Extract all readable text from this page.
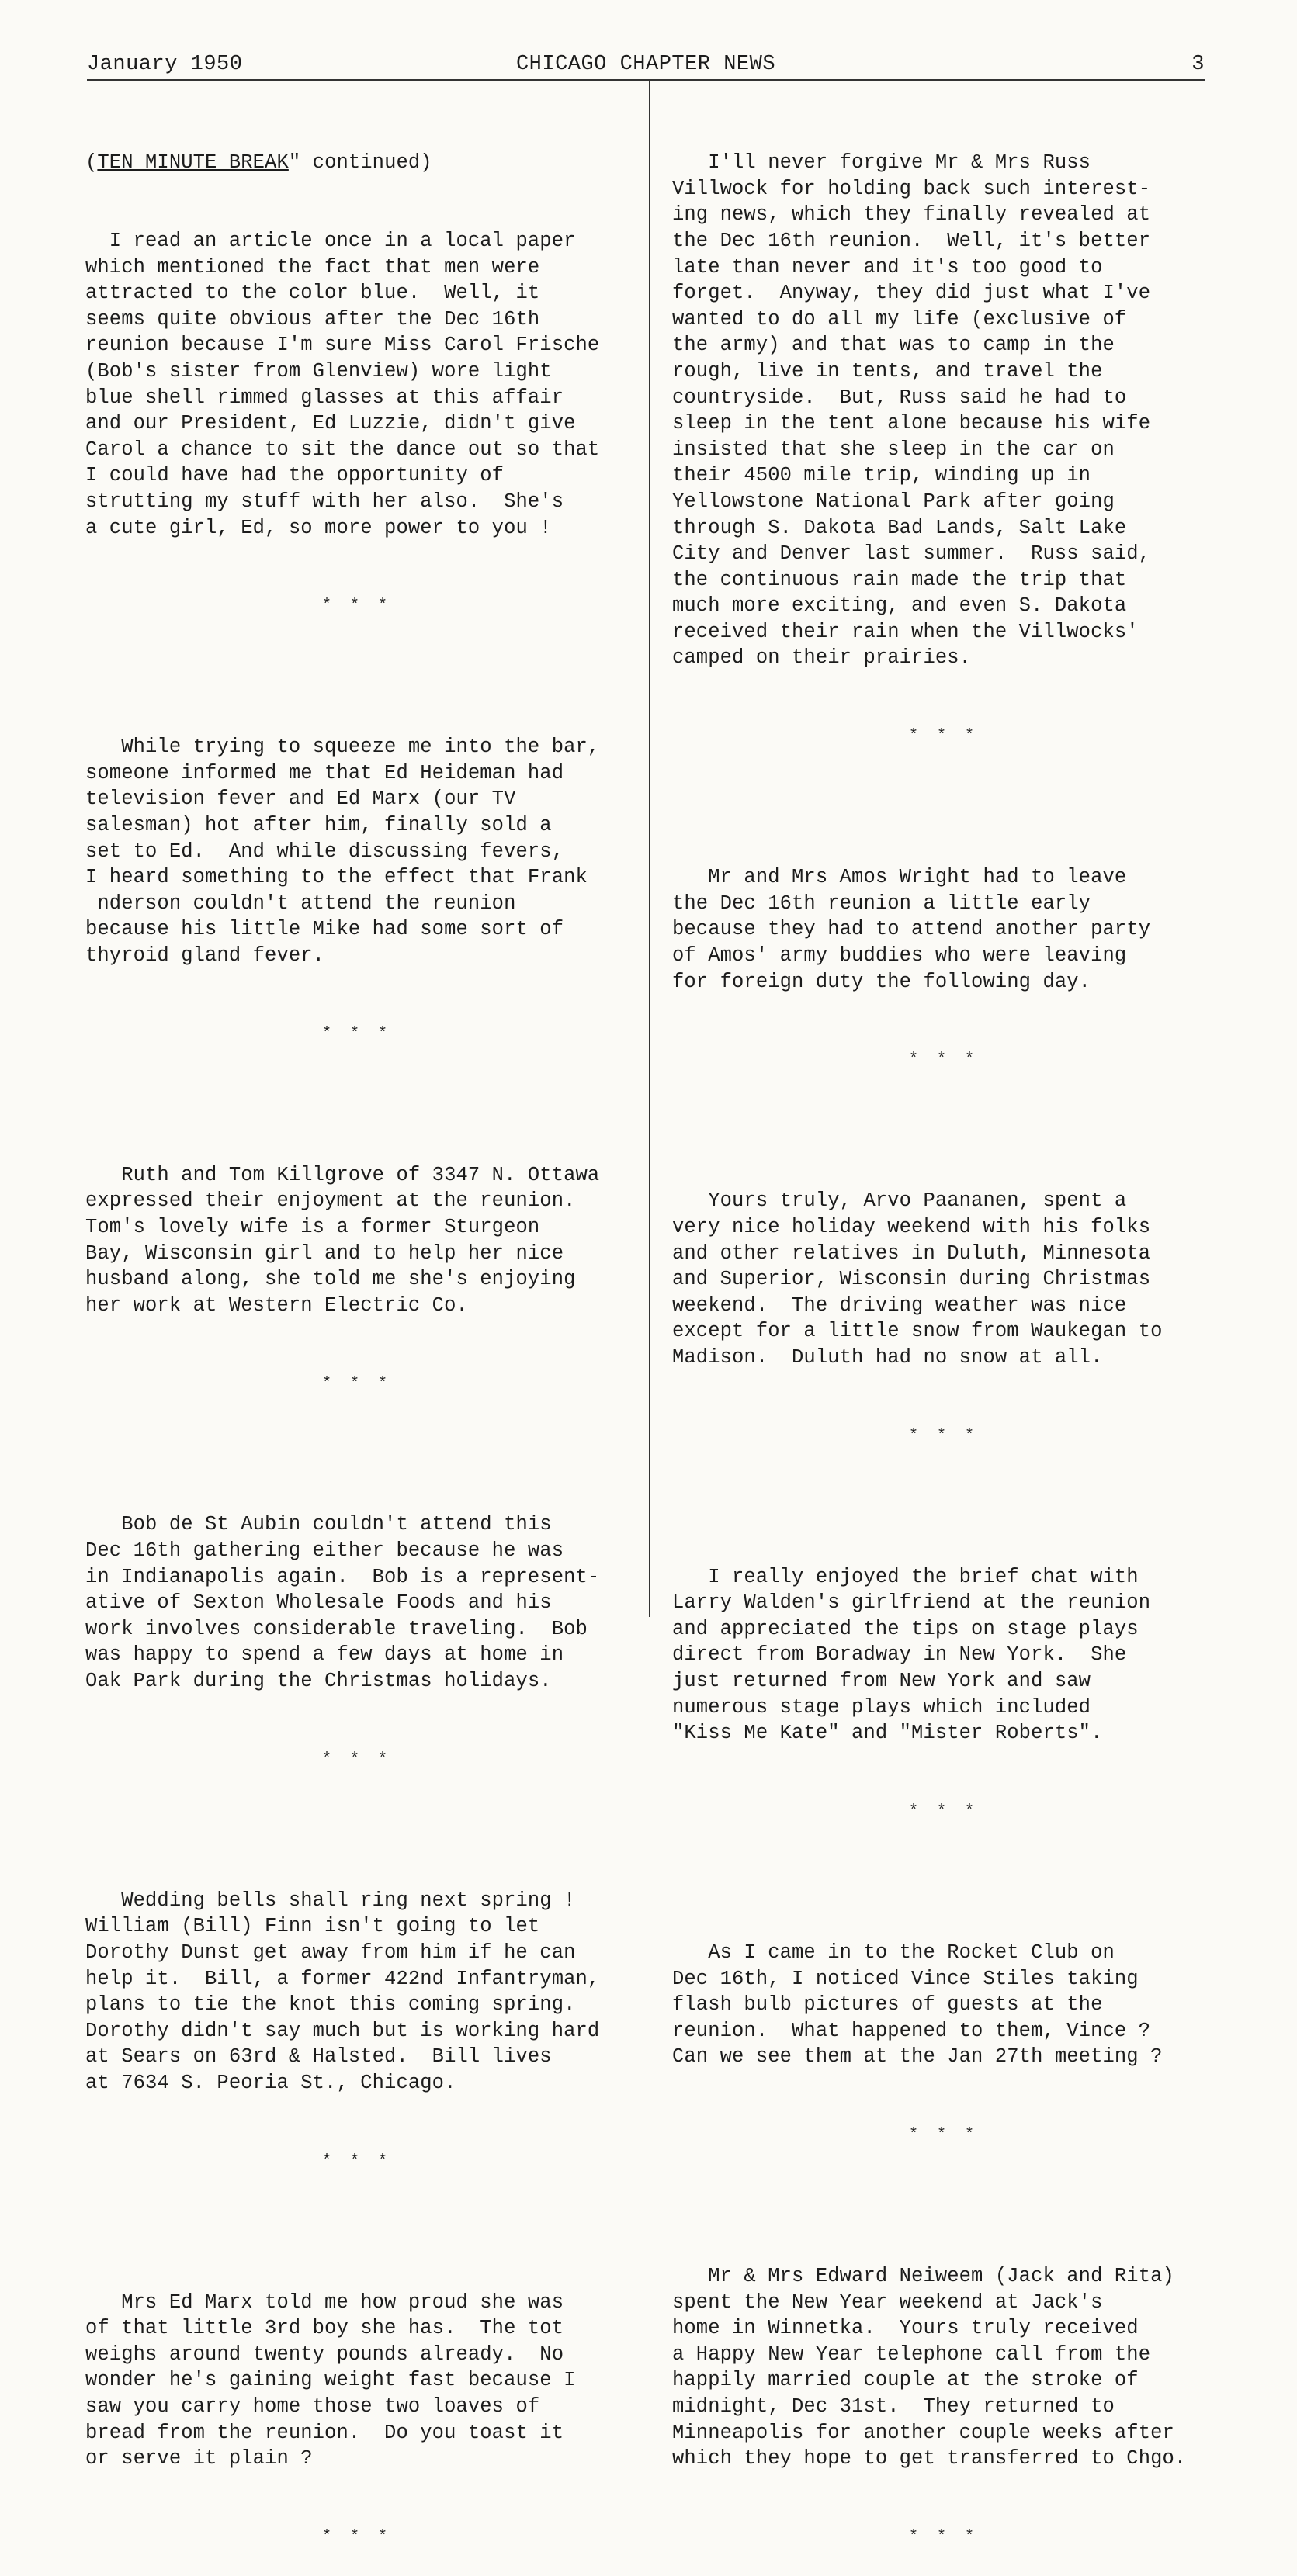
January 1950	CHICAGO CHAPTER NEWS	3

(TEN MINUTE BREAK" continued)

I read an article once in a local paper
which mentioned the fact that men were
attracted to the color blue.  Well, it
seems quite obvious after the Dec 16th
reunion because I'm sure Miss Carol Frische
(Bob's sister from Glenview) wore light
blue shell rimmed glasses at this affair
and our President, Ed Luzzie, didn't give
Carol a chance to sit the dance out so that
I could have had the opportunity of
strutting my stuff with her also.  She's
a cute girl, Ed, so more power to you !

* * *

While trying to squeeze me into the bar,
someone informed me that Ed Heideman had
television fever and Ed Marx (our TV
salesman) hot after him, finally sold a
set to Ed.  And while discussing fevers,
I heard something to the effect that Frank
nderson couldn't attend the reunion
because his little Mike had some sort of
thyroid gland fever.

* * *

Ruth and Tom Killgrove of 3347 N. Ottawa
expressed their enjoyment at the reunion.
Tom's lovely wife is a former Sturgeon
Bay, Wisconsin girl and to help her nice
husband along, she told me she's enjoying
her work at Western Electric Co.

* * *

Bob de St Aubin couldn't attend this
Dec 16th gathering either because he was
in Indianapolis again.  Bob is a represent-
ative of Sexton Wholesale Foods and his
work involves considerable traveling.  Bob
was happy to spend a few days at home in
Oak Park during the Christmas holidays.

* * *

Wedding bells shall ring next spring !
William (Bill) Finn isn't going to let
Dorothy Dunst get away from him if he can
help it.  Bill, a former 422nd Infantryman,
plans to tie the knot this coming spring.
Dorothy didn't say much but is working hard
at Sears on 63rd & Halsted.  Bill lives
at 7634 S. Peoria St., Chicago.

* * *

Mrs Ed Marx told me how proud she was
of that little 3rd boy she has.  The tot
weighs around twenty pounds already.  No
wonder he's gaining weight fast because I
saw you carry home those two loaves of
bread from the reunion.  Do you toast it
or serve it plain ?

* * *

I'll never forgive Mr & Mrs Russ
Villwock for holding back such interest-
ing news, which they finally revealed at
the Dec 16th reunion.  Well, it's better
late than never and it's too good to
forget.  Anyway, they did just what I've
wanted to do all my life (exclusive of
the army) and that was to camp in the
rough, live in tents, and travel the
countryside.  But, Russ said he had to
sleep in the tent alone because his wife
insisted that she sleep in the car on
their 4500 mile trip, winding up in
Yellowstone National Park after going
through S. Dakota Bad Lands, Salt Lake
City and Denver last summer.  Russ said,
the continuous rain made the trip that
much more exciting, and even S. Dakota
received their rain when the Villwocks'
camped on their prairies.

* * *

Mr and Mrs Amos Wright had to leave
the Dec 16th reunion a little early
because they had to attend another party
of Amos' army buddies who were leaving
for foreign duty the following day.

* * *

Yours truly, Arvo Paananen, spent a
very nice holiday weekend with his folks
and other relatives in Duluth, Minnesota
and Superior, Wisconsin during Christmas
weekend.  The driving weather was nice
except for a little snow from Waukegan to
Madison.  Duluth had no snow at all.

* * *

I really enjoyed the brief chat with
Larry Walden's girlfriend at the reunion
and appreciated the tips on stage plays
direct from Boradway in New York.  She
just returned from New York and saw
numerous stage plays which included
"Kiss Me Kate" and "Mister Roberts".

* * *

As I came in to the Rocket Club on
Dec 16th, I noticed Vince Stiles taking
flash bulb pictures of guests at the
reunion.  What happened to them, Vince ?
Can we see them at the Jan 27th meeting ?

* * *

Mr & Mrs Edward Neiweem (Jack and Rita)
spent the New Year weekend at Jack's
home in Winnetka.  Yours truly received
a Happy New Year telephone call from the
happily married couple at the stroke of
midnight, Dec 31st.  They returned to
Minneapolis for another couple weeks after
which they hope to get transferred to Chgo.

* * *
